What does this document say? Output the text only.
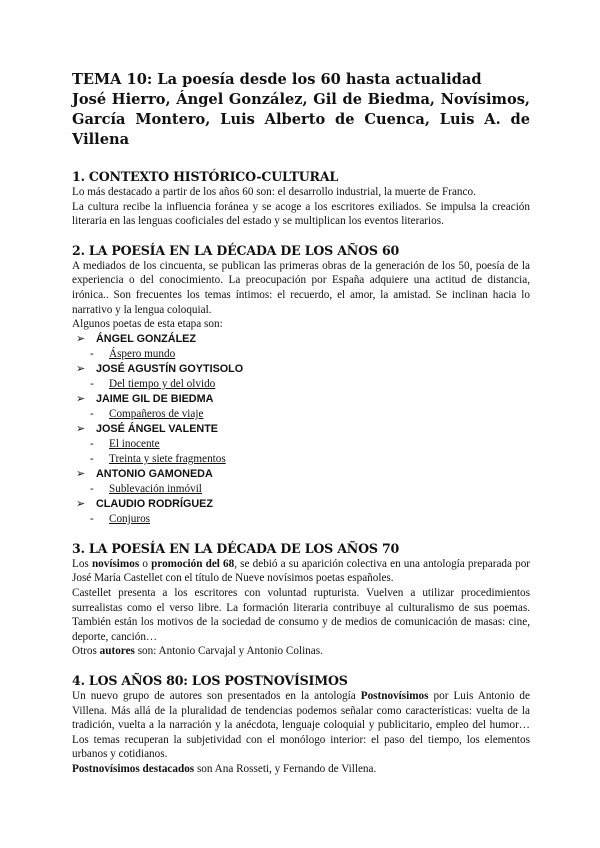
TEMA 10: La poesía desde los 60 hasta actualidad
José Hierro, Ángel González, Gil de Biedma, Novísimos,
García Montero, Luis Alberto de Cuenca, Luis A. de Villena
1. CONTEXTO HISTÓRICO-CULTURAL

Lo más destacado a partir de los años 60 son: el desarrollo industrial, la muerte de Franco.

La cultura recibe la influencia foránea y se acoge a los escritores exiliados. Se impulsa la creación literaria en las lenguas cooficiales del estado y se multiplican los eventos literarios.

2. LA POESÍA EN LA DÉCADA DE LOS AÑOS 60

A mediados de los cincuenta, se publican las primeras obras de la generación de los 50, poesía de la experiencia o del conocimiento. La preocupación por España adquiere una actitud de distancia, irónica.. Son frecuentes los temas íntimos: el recuerdo, el amor, la amistad. Se inclinan hacia lo narrativo y la lengua coloquial.

Algunos poetas de esta etapa son:

➢ ÁNGEL GONZÁLEZ
- Áspero mundo
➢ JOSÉ AGUSTÍN GOYTISOLO
- Del tiempo y del olvido
➢ JAIME GIL DE BIEDMA
- Compañeros de viaje
➢ JOSÉ ÁNGEL VALENTE
- El inocente
- Treinta y siete fragmentos
➢ ANTONIO GAMONEDA
- Sublevación inmóvil
➢ CLAUDIO RODRÍGUEZ
- Conjuros
3. LA POESÍA EN LA DÉCADA DE LOS AÑOS 70

Los novísimos o promoción del 68, se debió a su aparición colectiva en una antología preparada por José María Castellet con el título de Nueve novísimos poetas españoles.

Castellet presenta a los escritores con voluntad rupturista. Vuelven a utilizar procedimientos surrealistas como el verso libre. La formación literaria contribuye al culturalismo de sus poemas. También están los motivos de la sociedad de consumo y de medios de comunicación de masas: cine, deporte, canción…

Otros autores son: Antonio Carvajal y Antonio Colinas.

4. LOS AÑOS 80: LOS POSTNOVÍSIMOS

Un nuevo grupo de autores son presentados en la antología Postnovísimos por Luis Antonio de Villena. Más allá de la pluralidad de tendencias podemos señalar como características: vuelta de la tradición, vuelta a la narración y la anécdota, lenguaje coloquial y publicitario, empleo del humor… Los temas recuperan la subjetividad con el monólogo interior: el paso del tiempo, los elementos urbanos y cotidianos.

Postnovísimos destacados son Ana Rosseti, y Fernando de Villena.
